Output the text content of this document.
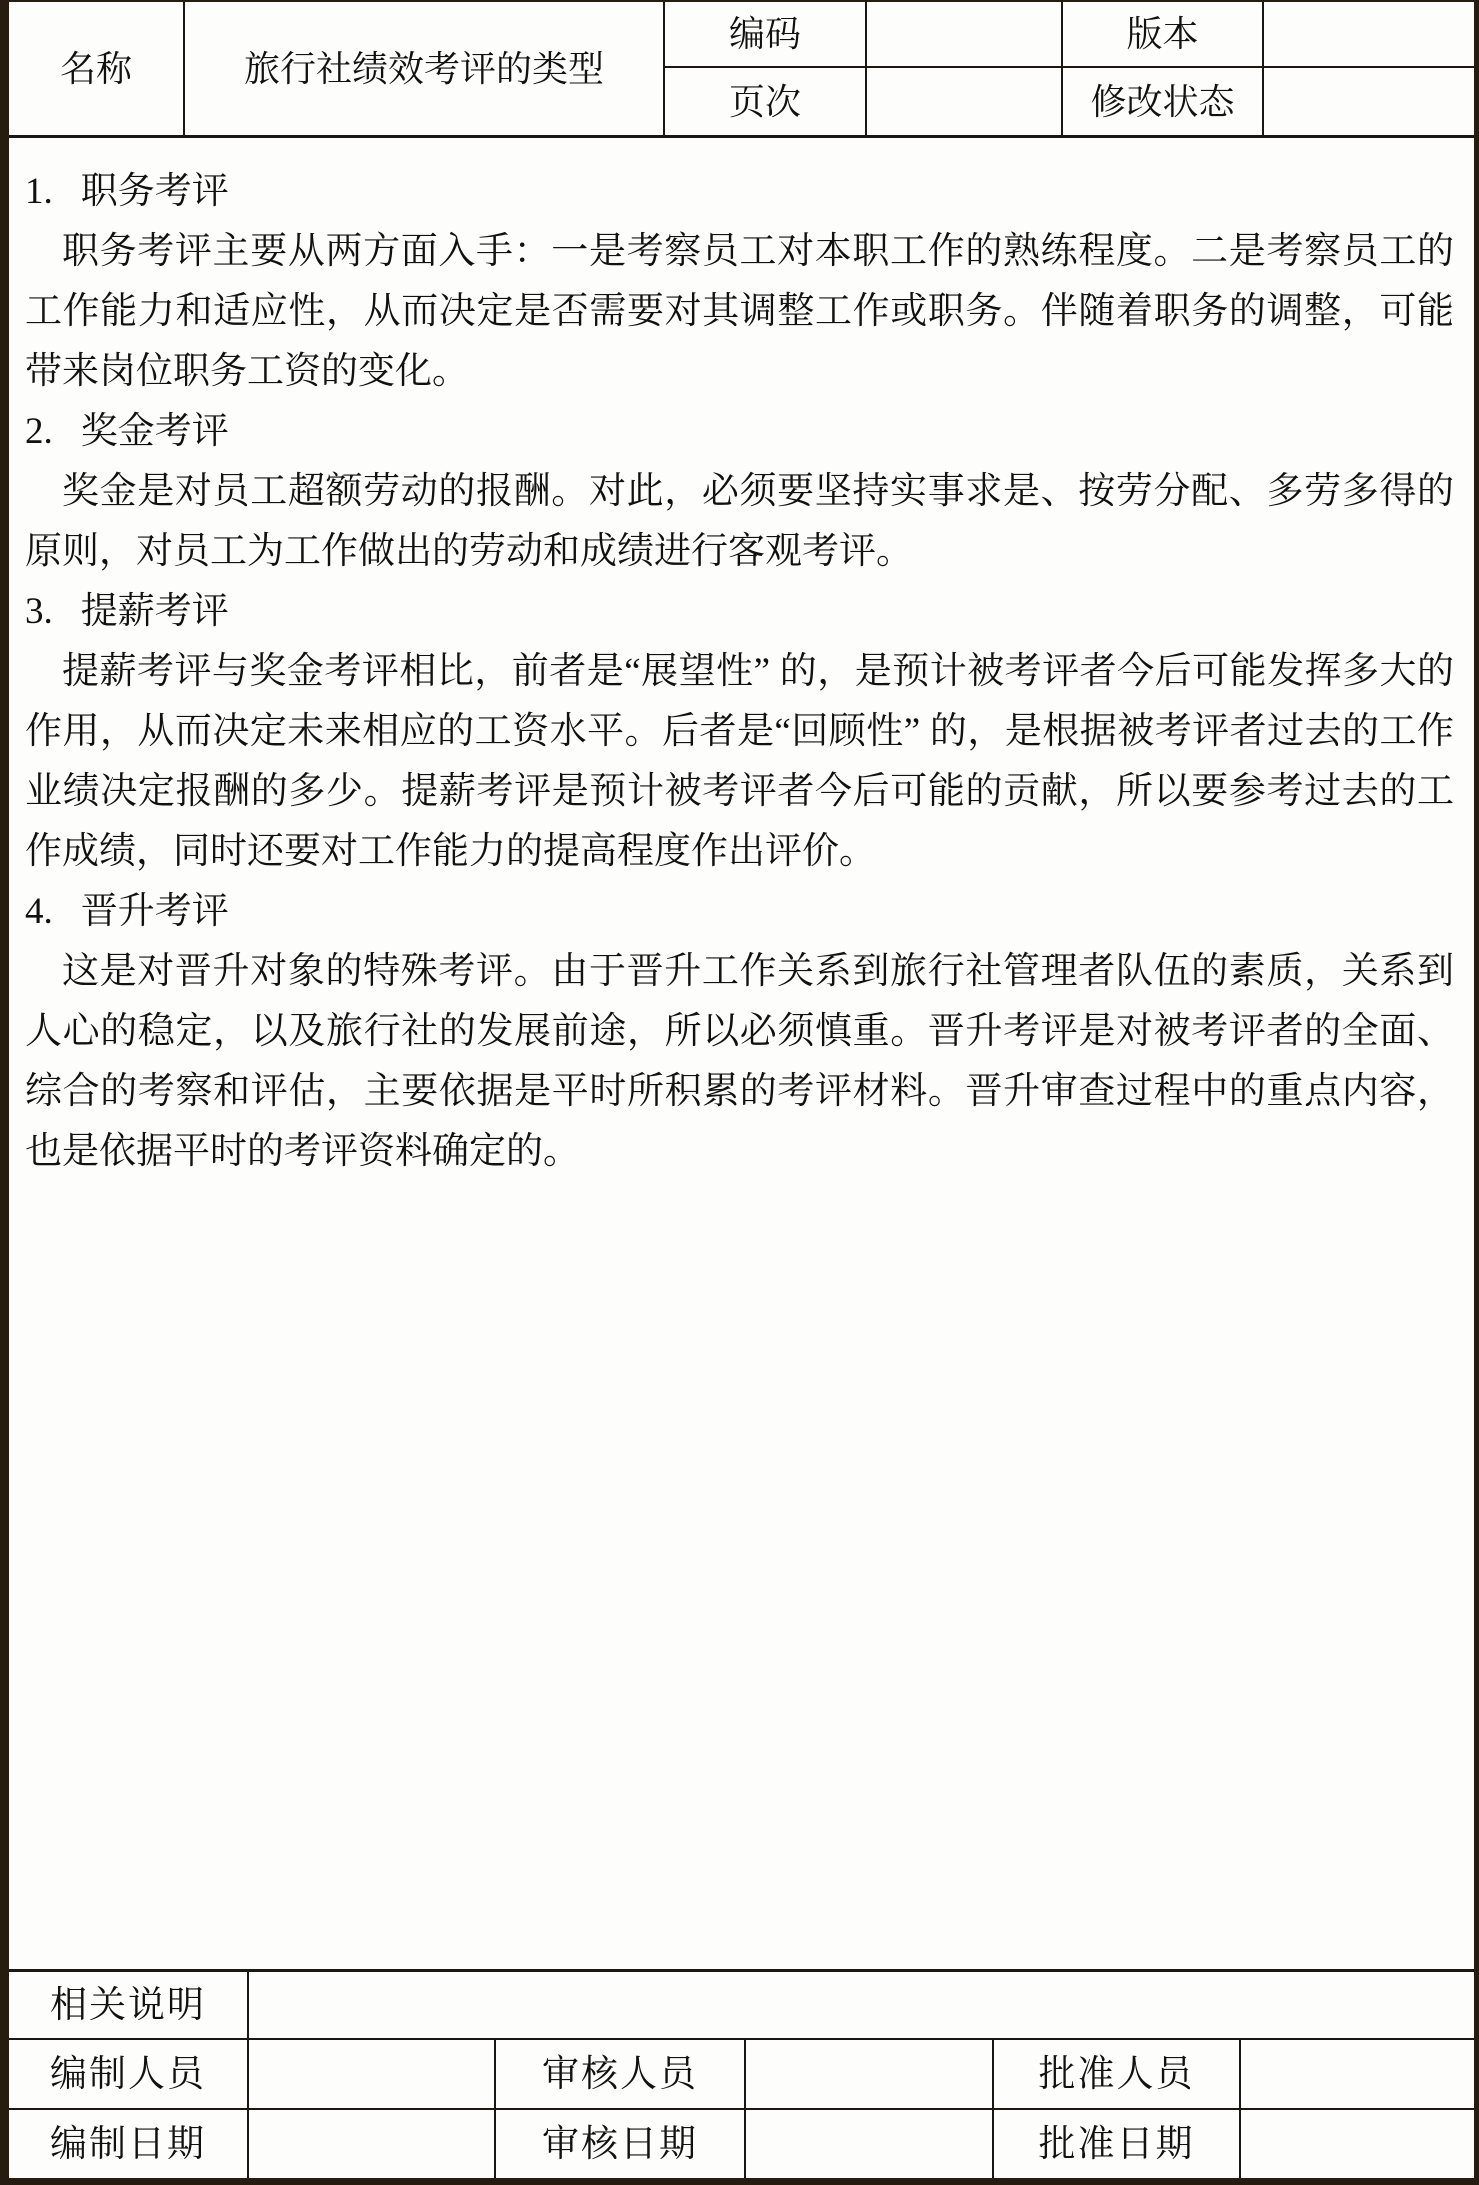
名称	旅行社绩效考评的类型
编码	版本
页次	修改状态
1. 职务考评

职务考评主要从两方面入手：一是考察员工对本职工作的熟练程度。二是考察员工的工作能力和适应性，从而决定是否需要对其调整工作或职务。伴随着职务的调整，可能带来岗位职务工资的变化。

2. 奖金考评

奖金是对员工超额劳动的报酬。对此，必须要坚持实事求是、按劳分配、多劳多得的原则，对员工为工作做出的劳动和成绩进行客观考评。

3. 提薪考评

提薪考评与奖金考评相比，前者是“展望性” 的，是预计被考评者今后可能发挥多大的作用，从而决定未来相应的工资水平。后者是“回顾性” 的，是根据被考评者过去的工作业绩决定报酬的多少。提薪考评是预计被考评者今后可能的贡献，所以要参考过去的工作成绩，同时还要对工作能力的提高程度作出评价。

4. 晋升考评

这是对晋升对象的特殊考评。由于晋升工作关系到旅行社管理者队伍的素质，关系到人心的稳定，以及旅行社的发展前途，所以必须慎重。晋升考评是对被考评者的全面、综合的考察和评估，主要依据是平时所积累的考评材料。晋升审查过程中的重点内容，也是依据平时的考评资料确定的。

相关说明
编制人员	审核人员	批准人员
编制日期	审核日期	批准日期
